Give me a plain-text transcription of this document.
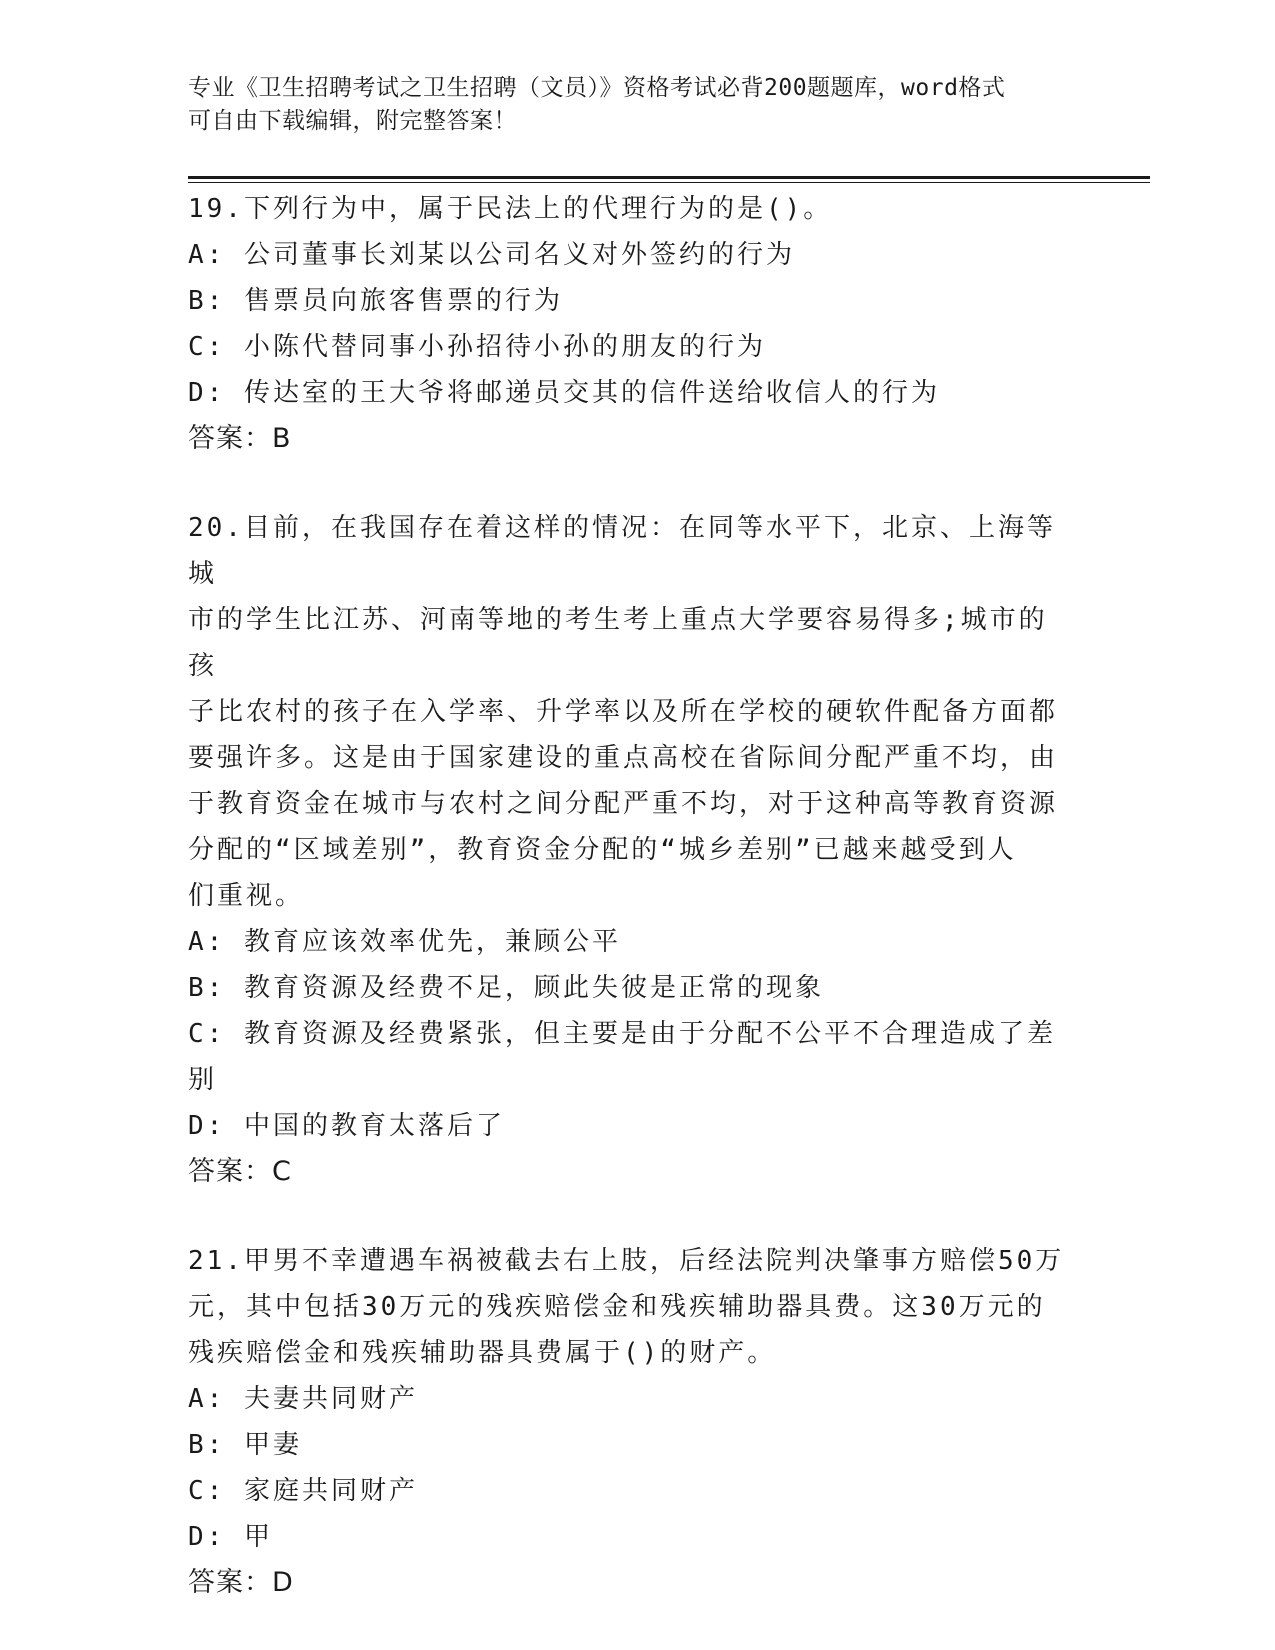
专业《卫生招聘考试之卫生招聘（文员）》资格考试必背200题题库，word格式
可自由下载编辑，附完整答案！
19.下列行为中，属于民法上的代理行为的是()。
A: 公司董事长刘某以公司名义对外签约的行为
B: 售票员向旅客售票的行为
C: 小陈代替同事小孙招待小孙的朋友的行为
D: 传达室的王大爷将邮递员交其的信件送给收信人的行为
答案：B
20.目前，在我国存在着这样的情况：在同等水平下，北京、上海等城
市的学生比江苏、河南等地的考生考上重点大学要容易得多;城市的孩
子比农村的孩子在入学率、升学率以及所在学校的硬软件配备方面都
要强许多。这是由于国家建设的重点高校在省际间分配严重不均，由
于教育资金在城市与农村之间分配严重不均，对于这种高等教育资源
分配的“区域差别”，教育资金分配的“城乡差别”已越来越受到人
们重视。
A: 教育应该效率优先，兼顾公平
B: 教育资源及经费不足，顾此失彼是正常的现象
C: 教育资源及经费紧张，但主要是由于分配不公平不合理造成了差别
D: 中国的教育太落后了
答案：C
21.甲男不幸遭遇车祸被截去右上肢，后经法院判决肇事方赔偿50万
元，其中包括30万元的残疾赔偿金和残疾辅助器具费。这30万元的
残疾赔偿金和残疾辅助器具费属于()的财产。
A: 夫妻共同财产
B: 甲妻
C: 家庭共同财产
D: 甲
答案：D
